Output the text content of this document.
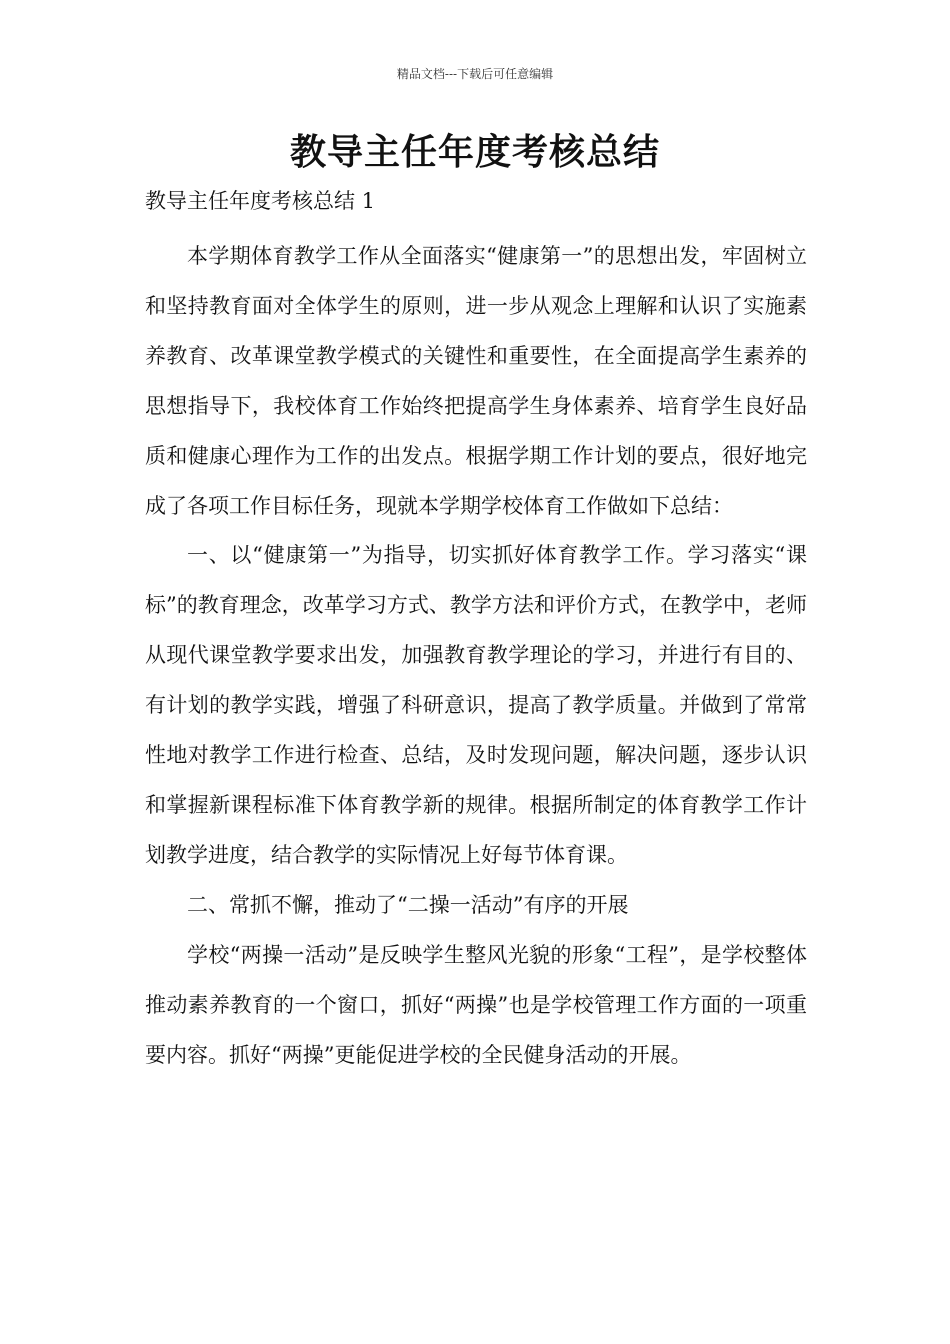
精品文档---下载后可任意编辑
教导主任年度考核总结

教导主任年度考核总结 1

本学期体育教学工作从全面落实“健康第一”的思想出发，牢固树立和坚持教育面对全体学生的原则，进一步从观念上理解和认识了实施素养教育、改革课堂教学模式的关键性和重要性，在全面提高学生素养的思想指导下，我校体育工作始终把提高学生身体素养、培育学生良好品质和健康心理作为工作的出发点。根据学期工作计划的要点，很好地完成了各项工作目标任务，现就本学期学校体育工作做如下总结：

一、以“健康第一”为指导，切实抓好体育教学工作。学习落实“课标”的教育理念，改革学习方式、教学方法和评价方式，在教学中，老师从现代课堂教学要求出发，加强教育教学理论的学习，并进行有目的、有计划的教学实践，增强了科研意识，提高了教学质量。并做到了常常性地对教学工作进行检查、总结，及时发现问题，解决问题，逐步认识和掌握新课程标准下体育教学新的规律。根据所制定的体育教学工作计划教学进度，结合教学的实际情况上好每节体育课。

二、常抓不懈，推动了“二操一活动”有序的开展

学校“两操一活动”是反映学生整风光貌的形象“工程”，是学校整体推动素养教育的一个窗口，抓好“两操”也是学校管理工作方面的一项重要内容。抓好“两操”更能促进学校的全民健身活动的开展。
